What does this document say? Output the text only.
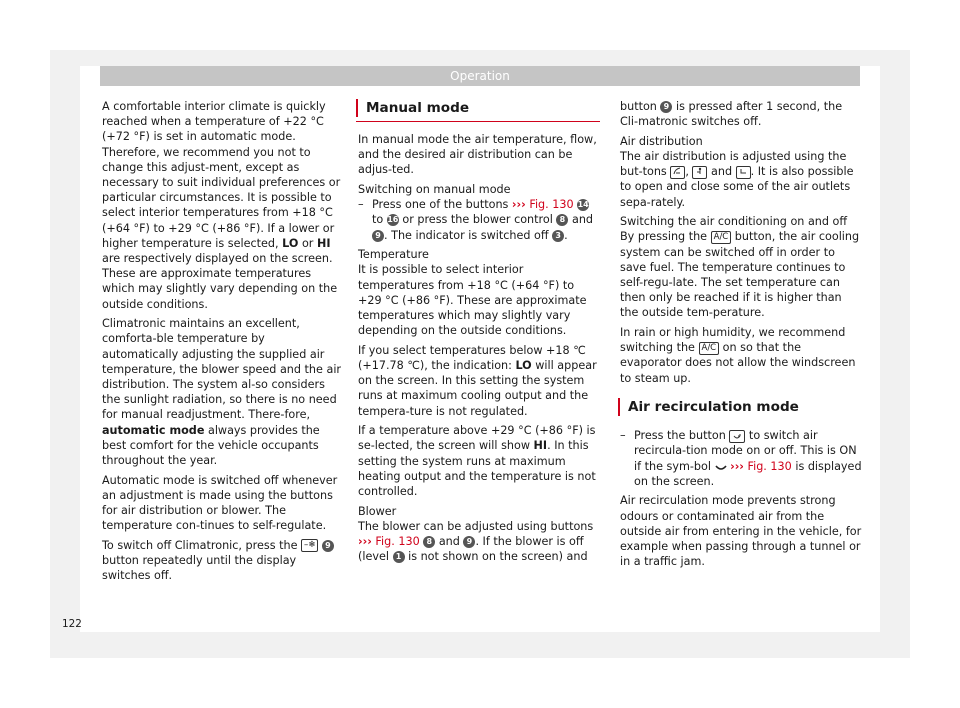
Operation

A comfortable interior climate is quickly reached when a temperature of +22 °C (+72 °F) is set in automatic mode. Therefore, we recommend you not to change this adjust-ment, except as necessary to suit individual preferences or particular circumstances. It is possible to select interior temperatures from +18 °C (+64 °F) to +29 °C (+86 °F). If a lower or higher temperature is selected, LO or HI are respectively displayed on the screen. These are approximate temperatures which may slightly vary depending on the outside conditions.

Climatronic maintains an excellent, comforta-ble temperature by automatically adjusting the supplied air temperature, the blower speed and the air distribution. The system al-so considers the sunlight radiation, so there is no need for manual readjustment. There-fore, automatic mode always provides the best comfort for the vehicle occupants throughout the year.

Automatic mode is switched off whenever an adjustment is made using the buttons for air distribution or blower. The temperature con-tinues to self-regulate.

To switch off Climatronic, press the –❄ 9 button repeatedly until the display switches off.

Manual mode

In manual mode the air temperature, flow, and the desired air distribution can be adjus-ted.

Switching on manual mode

– Press one of the buttons ››› Fig. 130 14 to 16 or press the blower control 8 and 9 . The indicator is switched off 3 .

Temperature

It is possible to select interior temperatures from +18 °C (+64 °F) to +29 °C (+86 °F). These are approximate temperatures which may slightly vary depending on the outside conditions.

If you select temperatures below +18 ℃ (+17.78 ℃), the indication: LO will appear on the screen. In this setting the system runs at maximum cooling output and the tempera-ture is not regulated.

If a temperature above +29 °C (+86 °F) is se-lected, the screen will show HI. In this setting the system runs at maximum heating output and the temperature is not controlled.

Blower

The blower can be adjusted using buttons ››› Fig. 130 8 and 9 . If the blower is off (level 1 is not shown on the screen) and

button 9 is pressed after 1 second, the Cli-matronic switches off.

Air distribution

The air distribution is adjusted using the but-tons ,  and . It is also possible to open and close some of the air outlets sepa-rately.

Switching the air conditioning on and off

By pressing the A/C button, the air cooling system can be switched off in order to save fuel. The temperature continues to self-regu-late. The set temperature can then only be reached if it is higher than the outside tem-perature.

In rain or high humidity, we recommend switching the A/C on so that the evaporator does not allow the windscreen to steam up.

Air recirculation mode
– Press the button  to switch air recircula-tion mode on or off. This is ON if the sym-bol  ››› Fig. 130 is displayed on the screen.

Air recirculation mode prevents strong odours or contaminated air from the outside air from entering in the vehicle, for example when passing through a tunnel or in a traffic jam.

122
